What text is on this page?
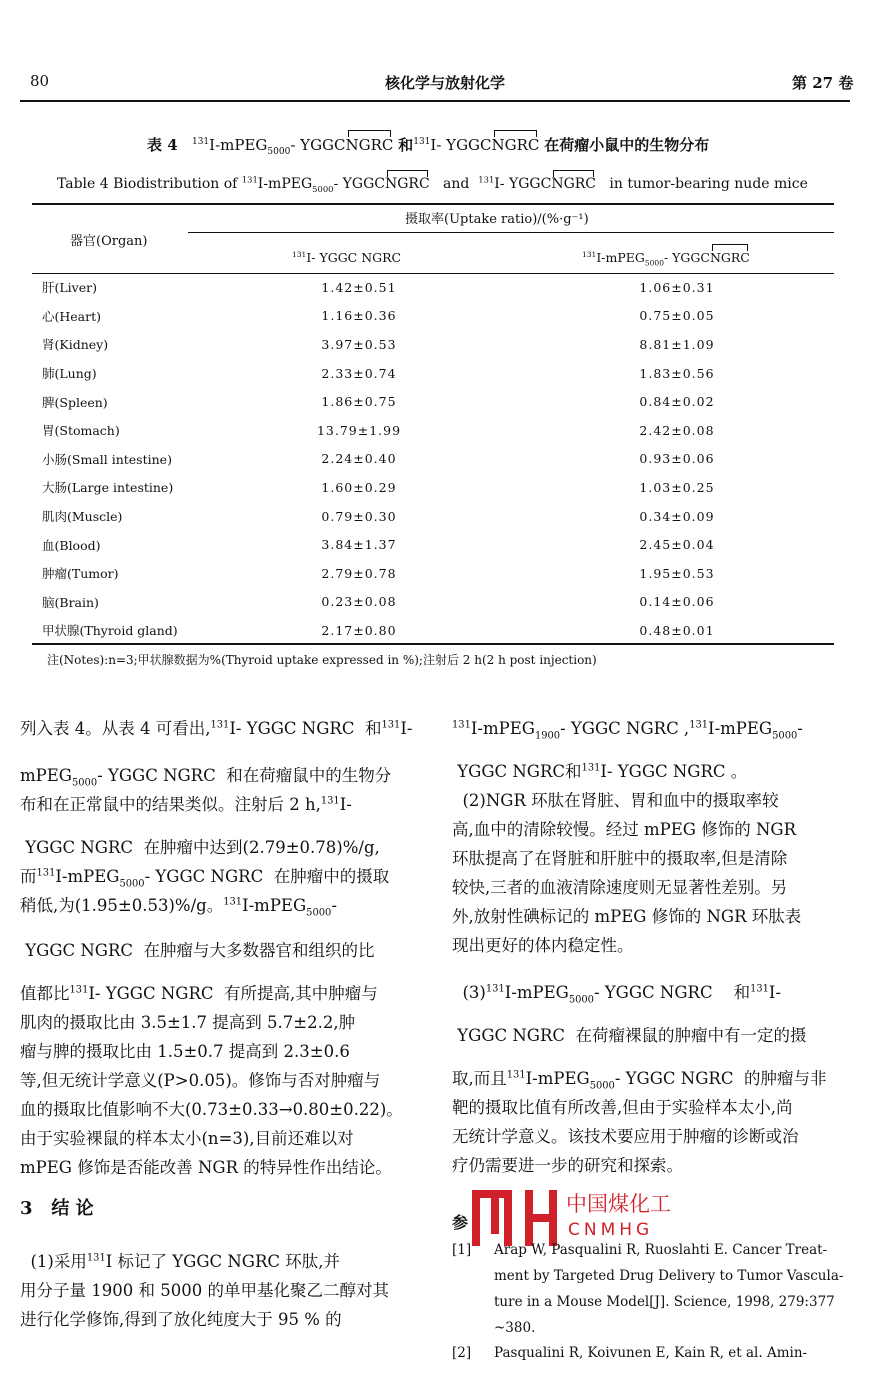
80	核化学与放射化学	第 27 卷
表 4 $^{131}$I-mPEG$_{5000}$- YGGCNGRC 和$^{131}$I- YGGCNGRC 在荷瘤小鼠中的生物分布
Table 4 Biodistribution of $^{131}$I-mPEG$_{5000}$- YGGCNGRC and $^{131}$I- YGGCNGRC in tumor-bearing nude mice
器官(Organ)
摄取率(Uptake ratio)/(%·g⁻¹)
$^{131}$I- YGGC NGRC	$^{131}$I-mPEG$_{5000}$- YGGCNGRC
肝(Liver)	1.42±0.51	1.06±0.31
心(Heart)	1.16±0.36	0.75±0.05
肾(Kidney)	3.97±0.53	8.81±1.09
肺(Lung)	2.33±0.74	1.83±0.56
脾(Spleen)	1.86±0.75	0.84±0.02
胃(Stomach)	13.79±1.99	2.42±0.08
小肠(Small intestine)	2.24±0.40	0.93±0.06
大肠(Large intestine)	1.60±0.29	1.03±0.25
肌肉(Muscle)	0.79±0.30	0.34±0.09
血(Blood)	3.84±1.37	2.45±0.04
肿瘤(Tumor)	2.79±0.78	1.95±0.53
脑(Brain)	0.23±0.08	0.14±0.06
甲状腺(Thyroid gland)	2.17±0.80	0.48±0.01
注(Notes):n=3;甲状腺数据为%(Thyroid uptake expressed in %);注射后 2 h(2 h post injection)
列入表 4。从表 4 可看出,$^{131}$I- YGGC NGRC 和$^{131}$I-
mPEG$_{5000}$- YGGC NGRC 和在荷瘤鼠中的生物分
布和在正常鼠中的结果类似。注射后 2 h,$^{131}$I-
YGGC NGRC 在肿瘤中达到(2.79±0.78)%/g,
而$^{131}$I-mPEG$_{5000}$- YGGC NGRC 在肿瘤中的摄取
稍低,为(1.95±0.53)%/g。$^{131}$I-mPEG$_{5000}$-
YGGC NGRC 在肿瘤与大多数器官和组织的比
值都比$^{131}$I- YGGC NGRC 有所提高,其中肿瘤与
肌肉的摄取比由 3.5±1.7 提高到 5.7±2.2,肿
瘤与脾的摄取比由 1.5±0.7 提高到 2.3±0.6
等,但无统计学意义(P>0.05)。修饰与否对肿瘤与
血的摄取比值影响不大(0.73±0.33→0.80±0.22)。
由于实验裸鼠的样本太小(n=3),目前还难以对
mPEG 修饰是否能改善 NGR 的特异性作出结论。
3 结 论
(1)采用$^{131}$I 标记了 YGGC NGRC 环肽,并
用分子量 1900 和 5000 的单甲基化聚乙二醇对其
进行化学修饰,得到了放化纯度大于 95 % 的
$^{131}$I-mPEG$_{1900}$- YGGC NGRC ,$^{131}$I-mPEG$_{5000}$-
YGGC NGRC和$^{131}$I- YGGC NGRC 。
(2)NGR 环肽在肾脏、胃和血中的摄取率较
高,血中的清除较慢。经过 mPEG 修饰的 NGR
环肽提高了在肾脏和肝脏中的摄取率,但是清除
较快,三者的血液清除速度则无显著性差别。另
外,放射性碘标记的 mPEG 修饰的 NGR 环肽表
现出更好的体内稳定性。
$(3)^{131}I-mPEG_{5000}-$ YGGC NGRC 和$^{131}$I-
YGGC NGRC 在荷瘤裸鼠的肿瘤中有一定的摄
取,而且$^{131}$I-mPEG$_{5000}$- YGGC NGRC 的肿瘤与非
靶的摄取比值有所改善,但由于实验样本太小,尚
无统计学意义。该技术要应用于肿瘤的诊断或治
疗仍需要进一步的研究和探索。
参
中国煤化工
CNMHG
[1] Arap W, Pasqualini R, Ruoslahti E. Cancer Treat-
ment by Targeted Drug Delivery to Tumor Vascula-
ture in a Mouse Model[J]. Science, 1998, 279:377
~380.
[2] Pasqualini R, Koivunen E, Kain R, et al. Amin-
